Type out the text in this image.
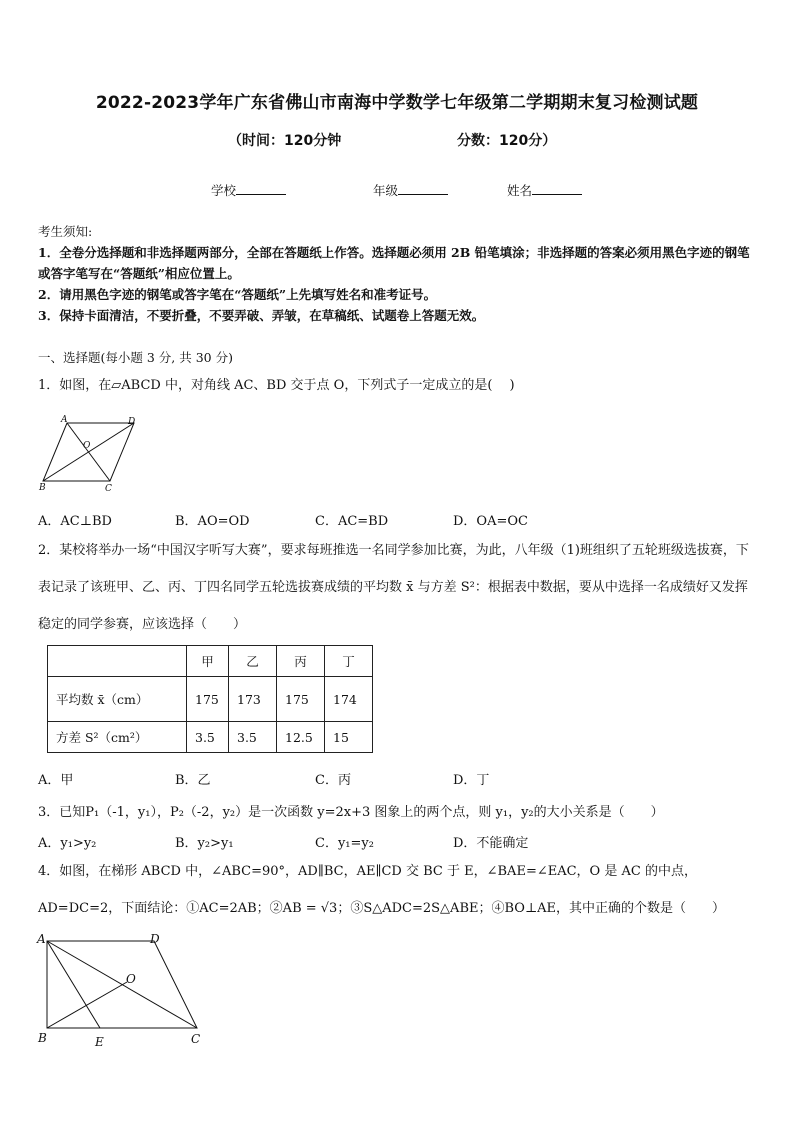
2022-2023学年广东省佛山市南海中学数学七年级第二学期期末复习检测试题
（时间：120分钟	分数：120分）
学校	年级	姓名
考生须知:
1．全卷分选择题和非选择题两部分，全部在答题纸上作答。选择题必须用 2B 铅笔填涂；非选择题的答案必须用黑色字迹的钢笔或答字笔写在“答题纸”相应位置上。
2．请用黑色字迹的钢笔或答字笔在“答题纸”上先填写姓名和准考证号。
3．保持卡面清洁，不要折叠，不要弄破、弄皱，在草稿纸、试题卷上答题无效。
一、选择题(每小题 3 分, 共 30 分)
1．如图，在▱ABCD 中，对角线 AC、BD 交于点 O，下列式子一定成立的是(　 )
A	D
B	C
O
A．AC⊥BD	B．AO=OD	C．AC=BD	D．OA=OC
2．某校将举办一场“中国汉字听写大赛”，要求每班推选一名同学参加比赛，为此，八年级（1)班组织了五轮班级选拔赛，下表记录了该班甲、乙、丙、丁四名同学五轮选拔赛成绩的平均数 x̄ 与方差 S²：根据表中数据，要从中选择一名成绩好又发挥稳定的同学参赛，应该选择（　　）
	甲	乙	丙	丁
平均数 x̄（cm）	175	173	175	174
方差 S²（cm²）	3.5	3.5	12.5	15
A．甲	B．乙	C．丙	D．丁
3．已知P₁（-1，y₁），P₂（-2，y₂）是一次函数 y=2x+3 图象上的两个点，则 y₁，y₂的大小关系是（　　）
A．y₁>y₂	B．y₂>y₁	C．y₁=y₂	D．不能确定
4．如图，在梯形 ABCD 中，∠ABC=90°，AD∥BC，AE∥CD 交 BC 于 E，∠BAE=∠EAC，O 是 AC 的中点，AD=DC=2，下面结论：①AC=2AB；②AB = √3；③S△ADC=2S△ABE；④BO⊥AE，其中正确的个数是（　　）
A	D
B	E	C
O
